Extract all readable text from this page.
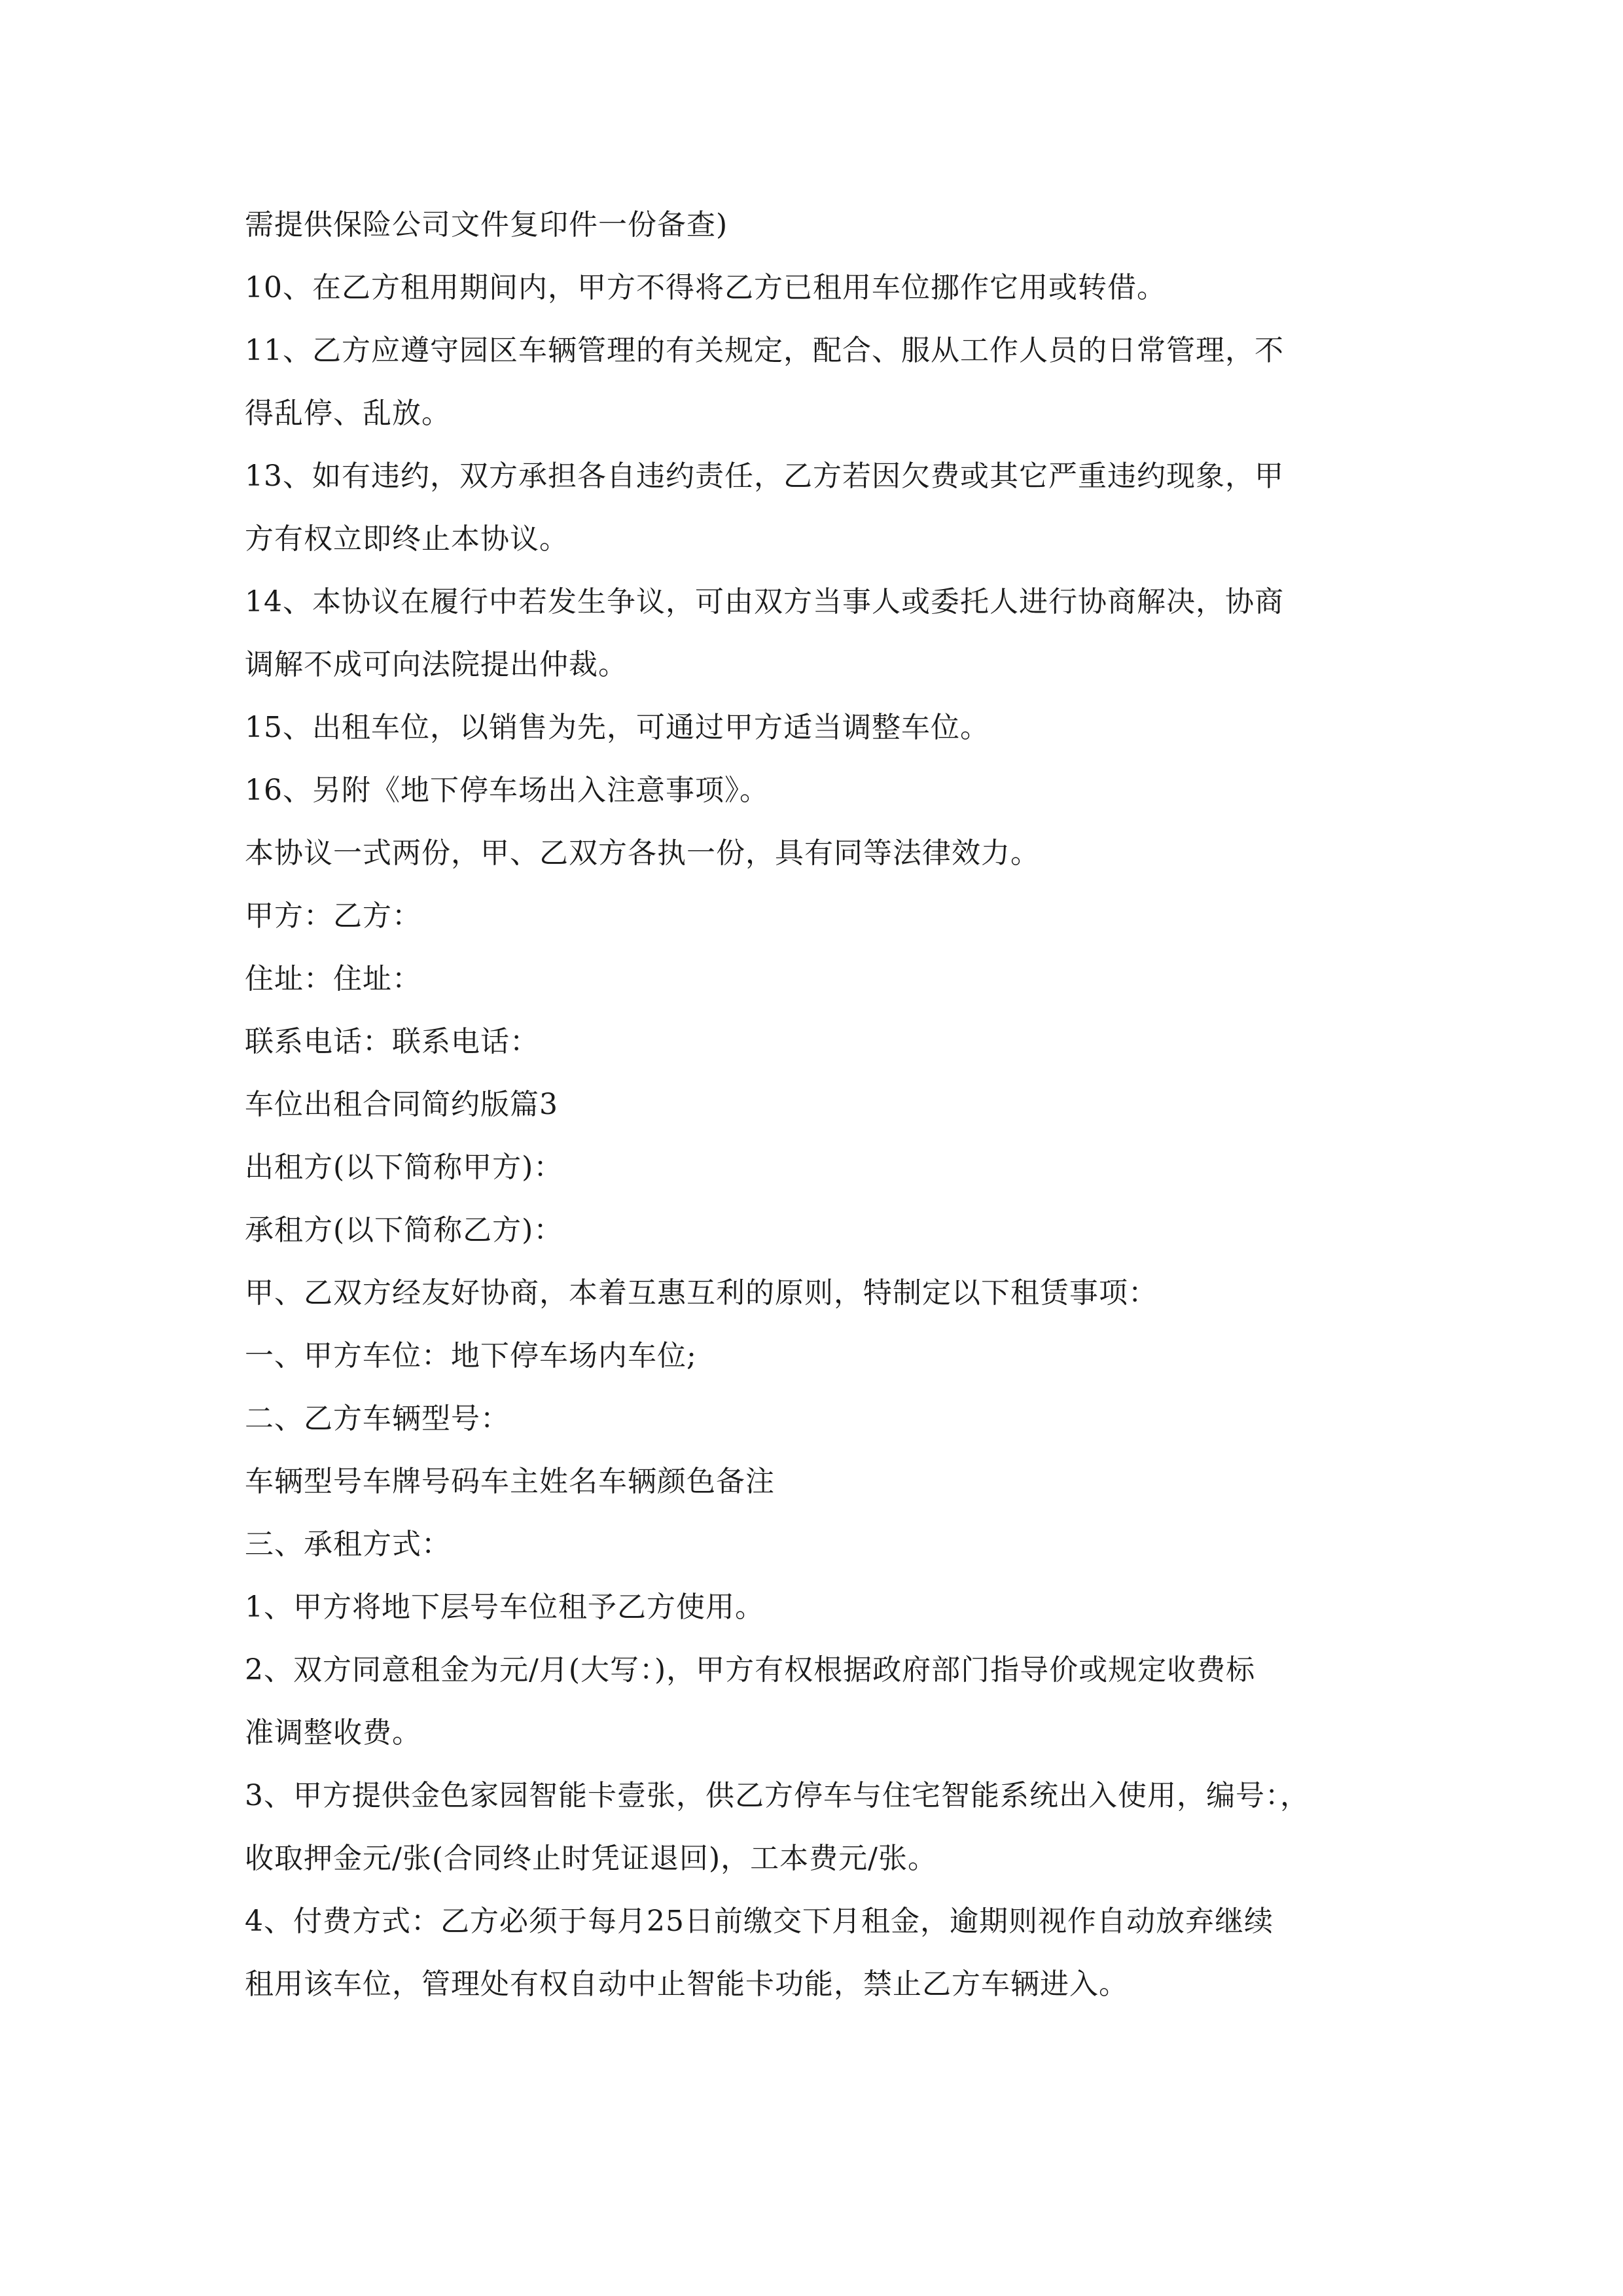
需提供保险公司文件复印件一份备查)
10、在乙方租用期间内，甲方不得将乙方已租用车位挪作它用或转借。
11、乙方应遵守园区车辆管理的有关规定，配合、服从工作人员的日常管理，不
得乱停、乱放。
13、如有违约，双方承担各自违约责任，乙方若因欠费或其它严重违约现象，甲
方有权立即终止本协议。
14、本协议在履行中若发生争议，可由双方当事人或委托人进行协商解决，协商
调解不成可向法院提出仲裁。
15、出租车位，以销售为先，可通过甲方适当调整车位。
16、另附《地下停车场出入注意事项》。
本协议一式两份，甲、乙双方各执一份，具有同等法律效力。
甲方：乙方：
住址：住址：
联系电话：联系电话：
车位出租合同简约版篇3
出租方(以下简称甲方)：
承租方(以下简称乙方)：
甲、乙双方经友好协商，本着互惠互利的原则，特制定以下租赁事项：
一、甲方车位：地下停车场内车位;
二、乙方车辆型号：
车辆型号车牌号码车主姓名车辆颜色备注
三、承租方式：
1、甲方将地下层号车位租予乙方使用。
2、双方同意租金为元/月(大写：)，甲方有权根据政府部门指导价或规定收费标
准调整收费。
3、甲方提供金色家园智能卡壹张，供乙方停车与住宅智能系统出入使用，编号：，
收取押金元/张(合同终止时凭证退回)，工本费元/张。
4、付费方式：乙方必须于每月25日前缴交下月租金，逾期则视作自动放弃继续
租用该车位，管理处有权自动中止智能卡功能，禁止乙方车辆进入。
